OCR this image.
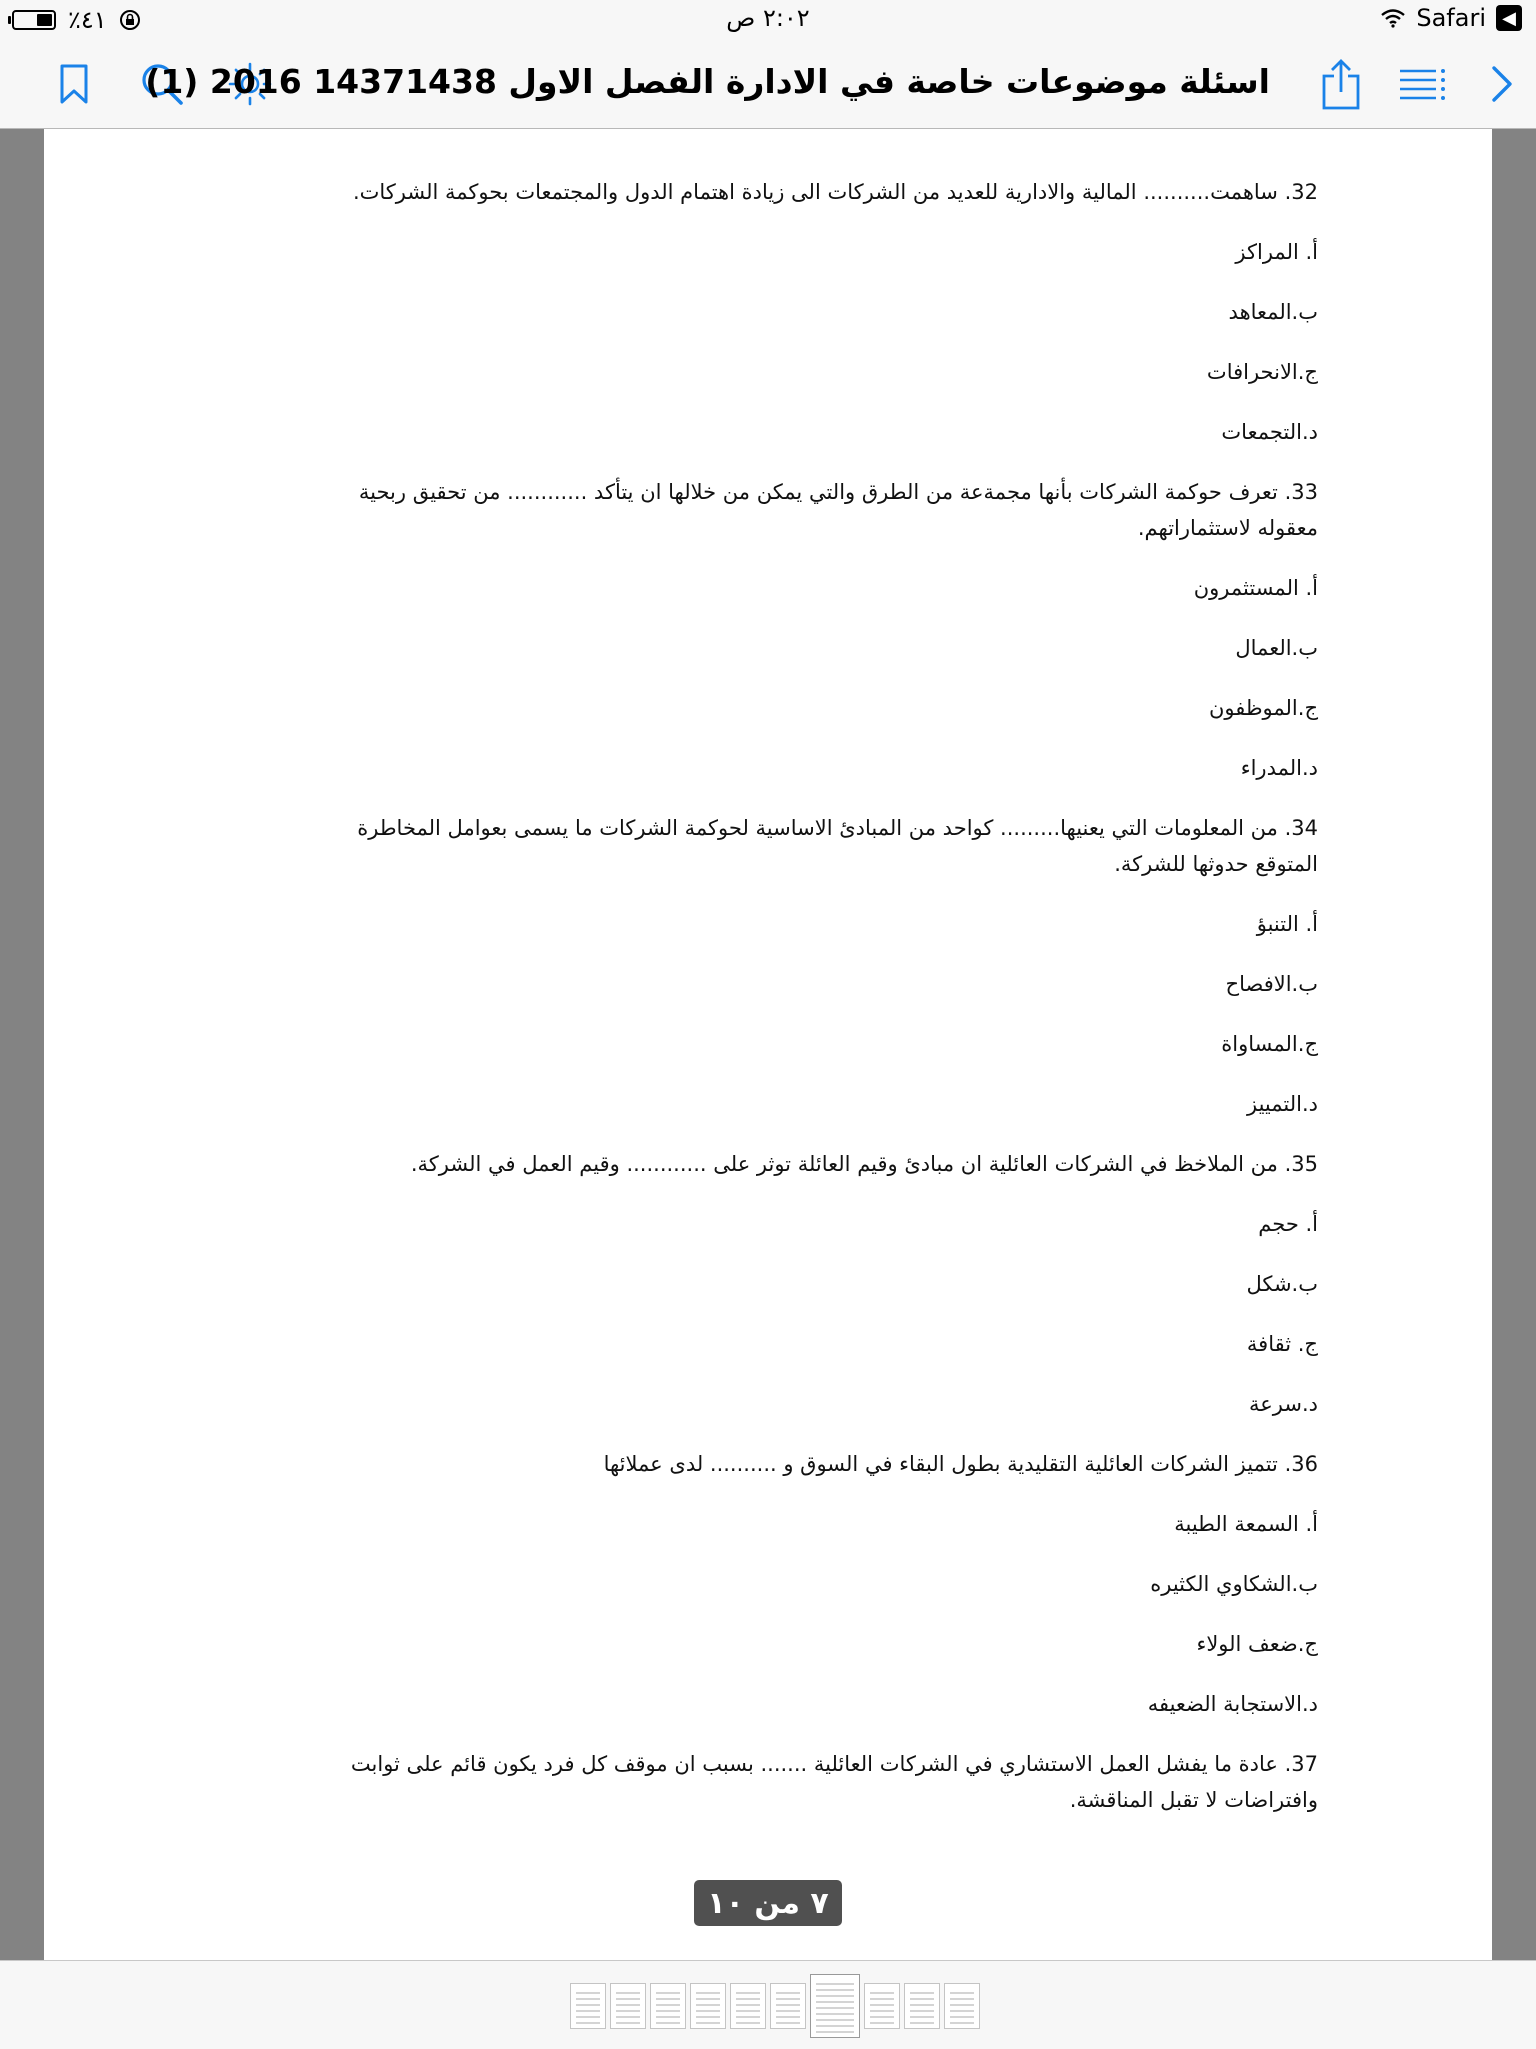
٪٤١	٢:٠٢ ص	Safari ◀
اسئلة موضوعات خاصة في الادارة الفصل الاول 14371438 2016 (1)
32. ساهمت.......... المالية والادارية للعديد من الشركات الى زيادة اهتمام الدول والمجتمعات بحوكمة الشركات.
أ. المراكز
ب.المعاهد
ج.الانحرافات
د.التجمعات
33. تعرف حوكمة الشركات بأنها مجمةعة من الطرق والتي يمكن من خلالها ان يتأكد ............ من تحقيق ربحية معقوله لاستثماراتهم.
أ. المستثمرون
ب.العمال
ج.الموظفون
د.المدراء
34. من المعلومات التي يعنيها......... كواحد من المبادئ الاساسية لحوكمة الشركات ما يسمى بعوامل المخاطرة المتوقع حدوثها للشركة.
أ. التنبؤ
ب.الافصاح
ج.المساواة
د.التمييز
35. من الملاخظ في الشركات العائلية ان مبادئ وقيم العائلة توثر على ............ وقيم العمل في الشركة.
أ. حجم
ب.شكل
ج. ثقافة
د.سرعة
36. تتميز الشركات العائلية التقليدية بطول البقاء في السوق و .......... لدى عملائها
أ. السمعة الطيبة
ب.الشكاوي الكثيره
ج.ضعف الولاء
د.الاستجابة الضعيفه
37. عادة ما يفشل العمل الاستشاري في الشركات العائلية ....... بسبب ان موقف كل فرد يكون قائم على ثوابت وافتراضات لا تقبل المناقشة.
٧ من ١٠
